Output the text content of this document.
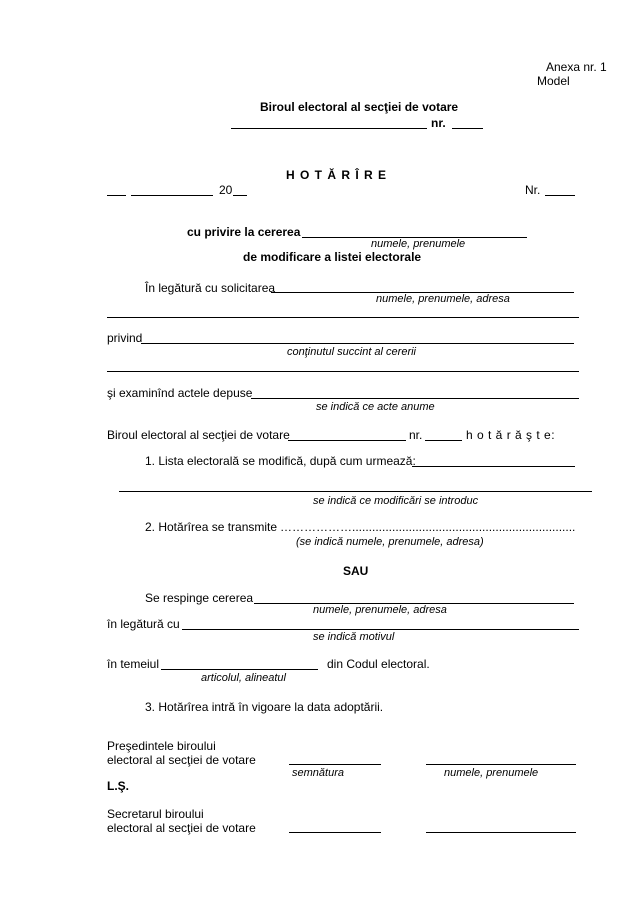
Anexa nr. 1
Model
Biroul electoral al secţiei de votare
nr.
H O T Ă R Î R E
20	Nr.
cu privire la cererea
numele, prenumele
de modificare a listei electorale
În legătură cu solicitarea
numele, prenumele, adresa
privind
conţinutul succint al cererii
şi examinînd actele depuse
se indică ce acte anume
Biroul electoral al secţiei de votare	nr.	h o t ă r ă ş t e:
1. Lista electorală se modifică, după cum urmează:
se indică ce modificări se introduc
2. Hotărîrea se transmite ………………...................................................................
(se indică numele, prenumele, adresa)
SAU
Se respinge cererea
numele, prenumele, adresa
în legătură cu
se indică motivul
în temeiul	din Codul electoral.
articolul, alineatul
3. Hotărîrea intră în vigoare la data adoptării.
Preşedintele biroului
electoral al secţiei de votare
semnătura	numele, prenumele
L.Ş.
Secretarul biroului
electoral al secţiei de votare
